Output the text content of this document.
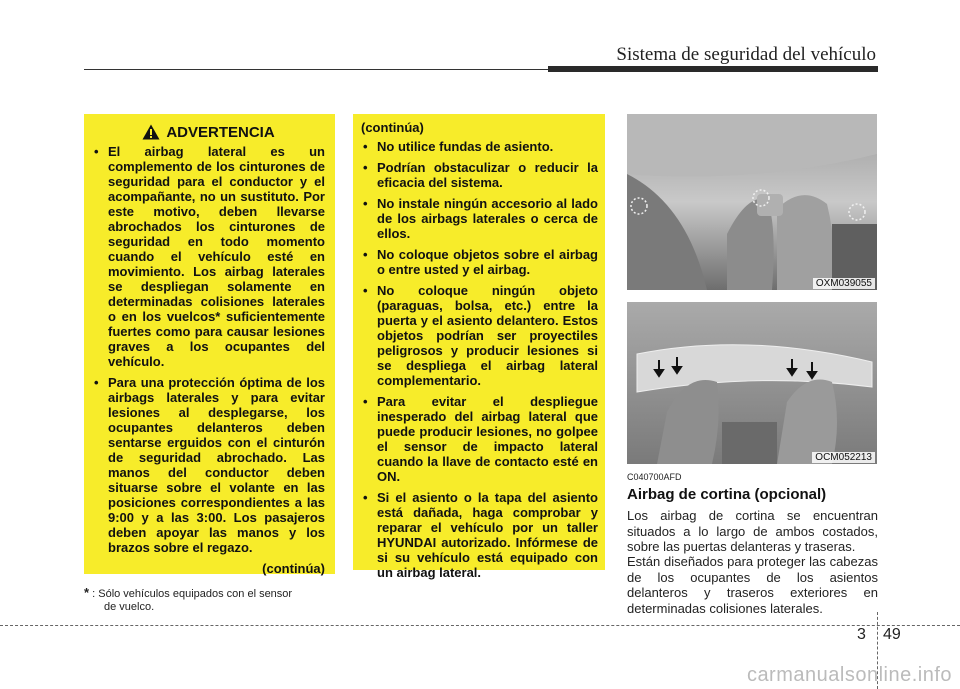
Sistema de seguridad del vehículo
ADVERTENCIA
• El airbag lateral es un complemento de los cinturones de seguridad para el conductor y el acompañante, no un sustituto. Por este motivo, deben llevarse abrochados los cinturones de seguridad en todo momento cuando el vehículo esté en movimiento. Los airbag laterales se despliegan solamente en determinadas colisiones laterales o en los vuelcos* suficientemente fuertes como para causar lesiones graves a los ocupantes del vehículo.
• Para una protección óptima de los airbags laterales y para evitar lesiones al desplegarse, los ocupantes delanteros deben sentarse erguidos con el cinturón de seguridad abrochado. Las manos del conductor deben situarse sobre el volante en las posiciones correspondientes a las 9:00 y a las 3:00. Los pasajeros deben apoyar las manos y los brazos sobre el regazo.
(continúa)
(continúa)
• No utilice fundas de asiento.
• Podrían obstaculizar o reducir la eficacia del sistema.
• No instale ningún accesorio al lado de los airbags laterales o cerca de ellos.
• No coloque objetos sobre el airbag o entre usted y el airbag.
• No coloque ningún objeto (paraguas, bolsa, etc.) entre la puerta y el asiento delantero. Estos objetos podrían ser proyectiles peligrosos y producir lesiones si se despliega el airbag lateral complementario.
• Para evitar el despliegue inesperado del airbag lateral que puede producir lesiones, no golpee el sensor de impacto lateral cuando la llave de contacto esté en ON.
• Si el asiento o la tapa del asiento está dañada, haga comprobar y reparar el vehículo por un taller HYUNDAI autorizado. Infórmese de si su vehículo está equipado con un airbag lateral.
* : Sólo vehículos equipados con el sensor
de vuelco.
OXM039055
OCM052213
C040700AFD
Airbag de cortina (opcional)

Los airbag de cortina se encuentran situados a lo largo de ambos costados, sobre las puertas delanteras y traseras.

Están diseñados para proteger las cabezas de los ocupantes de los asientos delanteros y traseros exteriores en determinadas colisiones laterales.

3 49
carmanualsonline.info
